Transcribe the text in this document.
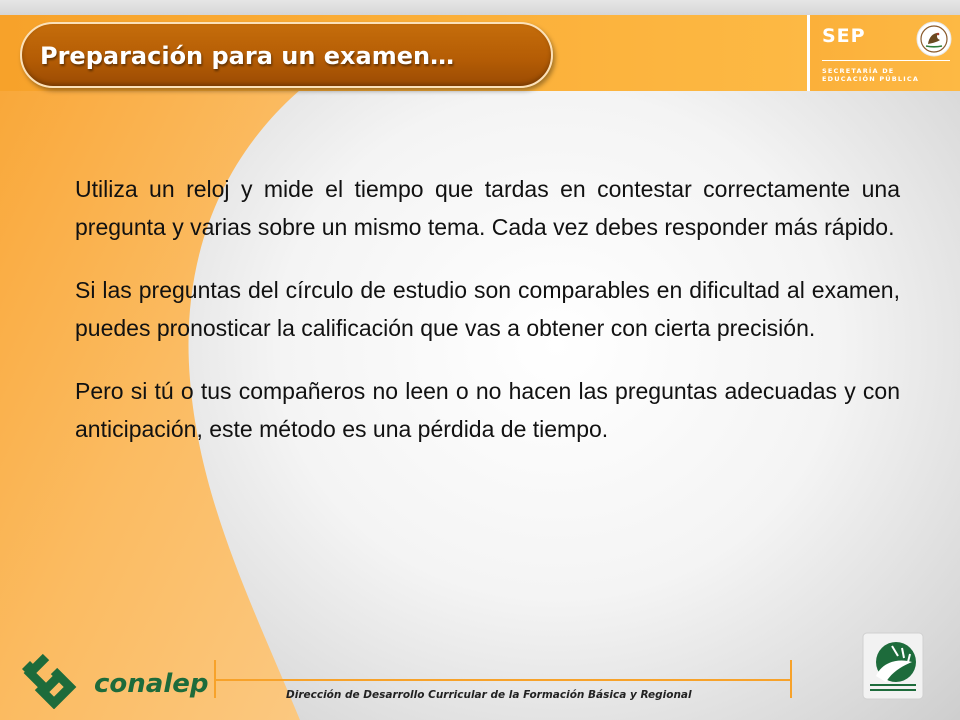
SEP
SECRETARÍA DE
EDUCACIÓN PÚBLICA
Preparación para un examen…

Utiliza un reloj y mide el tiempo que tardas en contestar correctamente una pregunta y varias sobre un mismo tema. Cada vez debes responder más rápido.

Si las preguntas del círculo de estudio son comparables en dificultad al examen, puedes pronosticar la calificación que vas a obtener con cierta precisión.

Pero si tú o tus compañeros no leen o no hacen las preguntas adecuadas y con anticipación, este método es una pérdida de tiempo.

conalep	Dirección de Desarrollo Curricular de la Formación Básica y Regional
